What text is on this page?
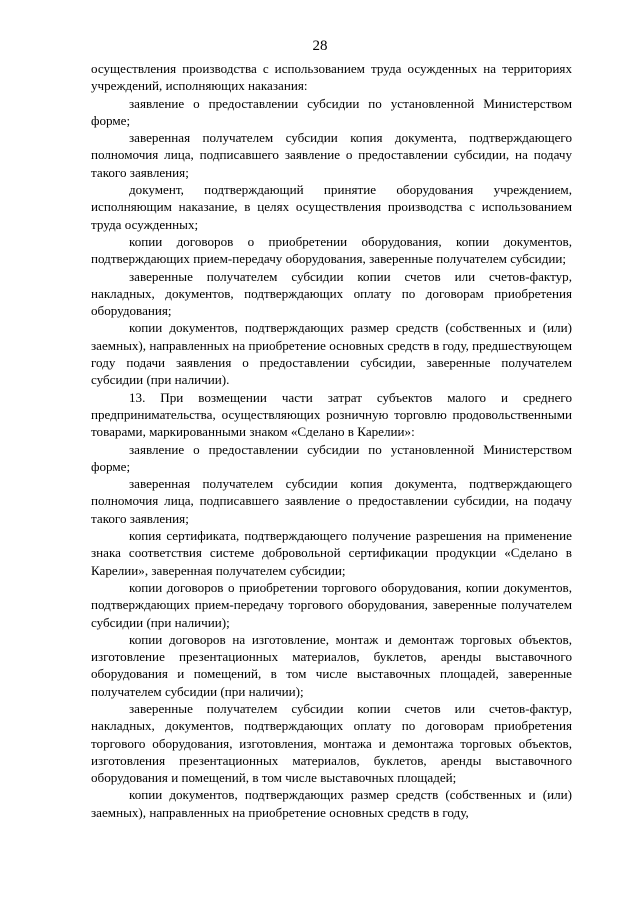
28

осуществления производства с использованием труда осужденных на территориях учреждений, исполняющих наказания:

заявление о предоставлении субсидии по установленной Министерством форме;

заверенная получателем субсидии копия документа, подтверждающего полномочия лица, подписавшего заявление о предоставлении субсидии, на подачу такого заявления;

документ, подтверждающий принятие оборудования учреждением, исполняющим наказание, в целях осуществления производства с использованием труда осужденных;

копии договоров о приобретении оборудования, копии документов, подтверждающих прием-передачу оборудования, заверенные получателем субсидии;

заверенные получателем субсидии копии счетов или счетов-фактур, накладных, документов, подтверждающих оплату по договорам приобретения оборудования;

копии документов, подтверждающих размер средств (собственных и (или) заемных), направленных на приобретение основных средств в году, предшествующем году подачи заявления о предоставлении субсидии, заверенные получателем субсидии (при наличии).

13. При возмещении части затрат субъектов малого и среднего предпринимательства, осуществляющих розничную торговлю продовольственными товарами, маркированными знаком «Сделано в Карелии»:

заявление о предоставлении субсидии по установленной Министерством форме;

заверенная получателем субсидии копия документа, подтверждающего полномочия лица, подписавшего заявление о предоставлении субсидии, на подачу такого заявления;

копия сертификата, подтверждающего получение разрешения на применение знака соответствия системе добровольной сертификации продукции «Сделано в Карелии», заверенная получателем субсидии;

копии договоров о приобретении торгового оборудования, копии документов, подтверждающих прием-передачу торгового оборудования, заверенные получателем субсидии (при наличии);

копии договоров на изготовление, монтаж и демонтаж торговых объектов, изготовление презентационных материалов, буклетов, аренды выставочного оборудования и помещений, в том числе выставочных площадей, заверенные получателем субсидии (при наличии);

заверенные получателем субсидии копии счетов или счетов-фактур, накладных, документов, подтверждающих оплату по договорам приобретения торгового оборудования, изготовления, монтажа и демонтажа торговых объектов, изготовления презентационных материалов, буклетов, аренды выставочного оборудования и помещений, в том числе выставочных площадей;

копии документов, подтверждающих размер средств (собственных и (или) заемных), направленных на приобретение основных средств в году,
